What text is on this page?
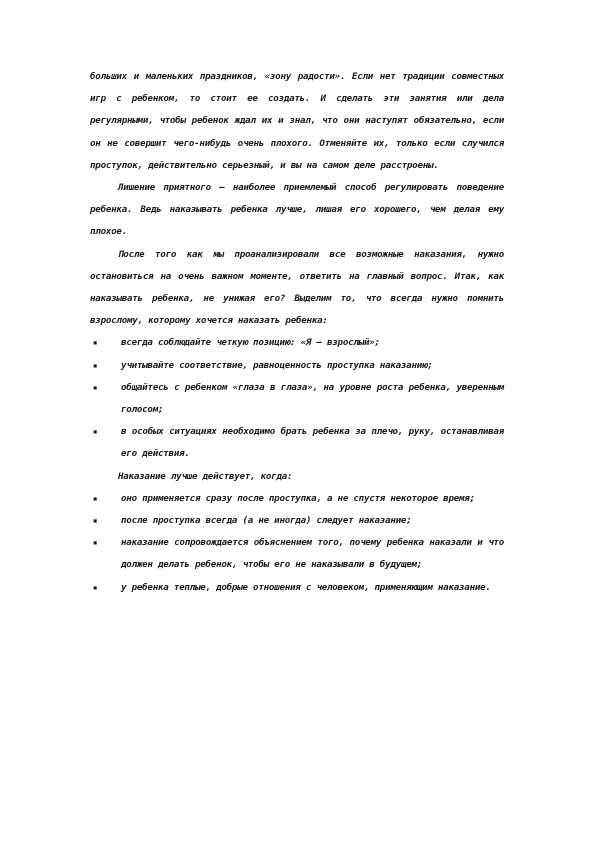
больших и маленьких праздников, «зону радости». Если нет традиции совместных игр с ребенком, то стоит ее создать. И сделать эти занятия или дела регулярными, чтобы ребенок ждал их и знал, что они наступят обязательно, если он не совершит чего-нибудь очень плохого. Отменяйте их, только если случился проступок, действительно серьезный, и вы на самом деле расстроены.

Лишение приятного – наиболее приемлемый способ регулировать поведение ребенка. Ведь наказывать ребенка лучше, лишая его хорошего, чем делая ему плохое.

После того как мы проанализировали все возможные наказания, нужно остановиться на очень важном моменте, ответить на главный вопрос. Итак, как наказывать ребенка, не унижая его? Выделим то, что всегда нужно помнить взрослому, которому хочется наказать ребенка:

▪	всегда соблюдайте четкую позицию: «Я – взрослый»;
▪	учитывайте соответствие, равноценность проступка наказанию;
▪	общайтесь с ребенком «глаза в глаза», на уровне роста ребенка, уверенным голосом;
▪	в особых ситуациях необходимо брать ребенка за плечо, руку, останавливая его действия.

Наказание лучше действует, когда:

▪	оно применяется сразу после проступка, а не спустя некоторое время;
▪	после проступка всегда (а не иногда) следует наказание;
▪	наказание сопровождается объяснением того, почему ребенка наказали и что должен делать ребенок, чтобы его не наказывали в будущем;
▪	у ребенка теплые, добрые отношения с человеком, применяющим наказание.
